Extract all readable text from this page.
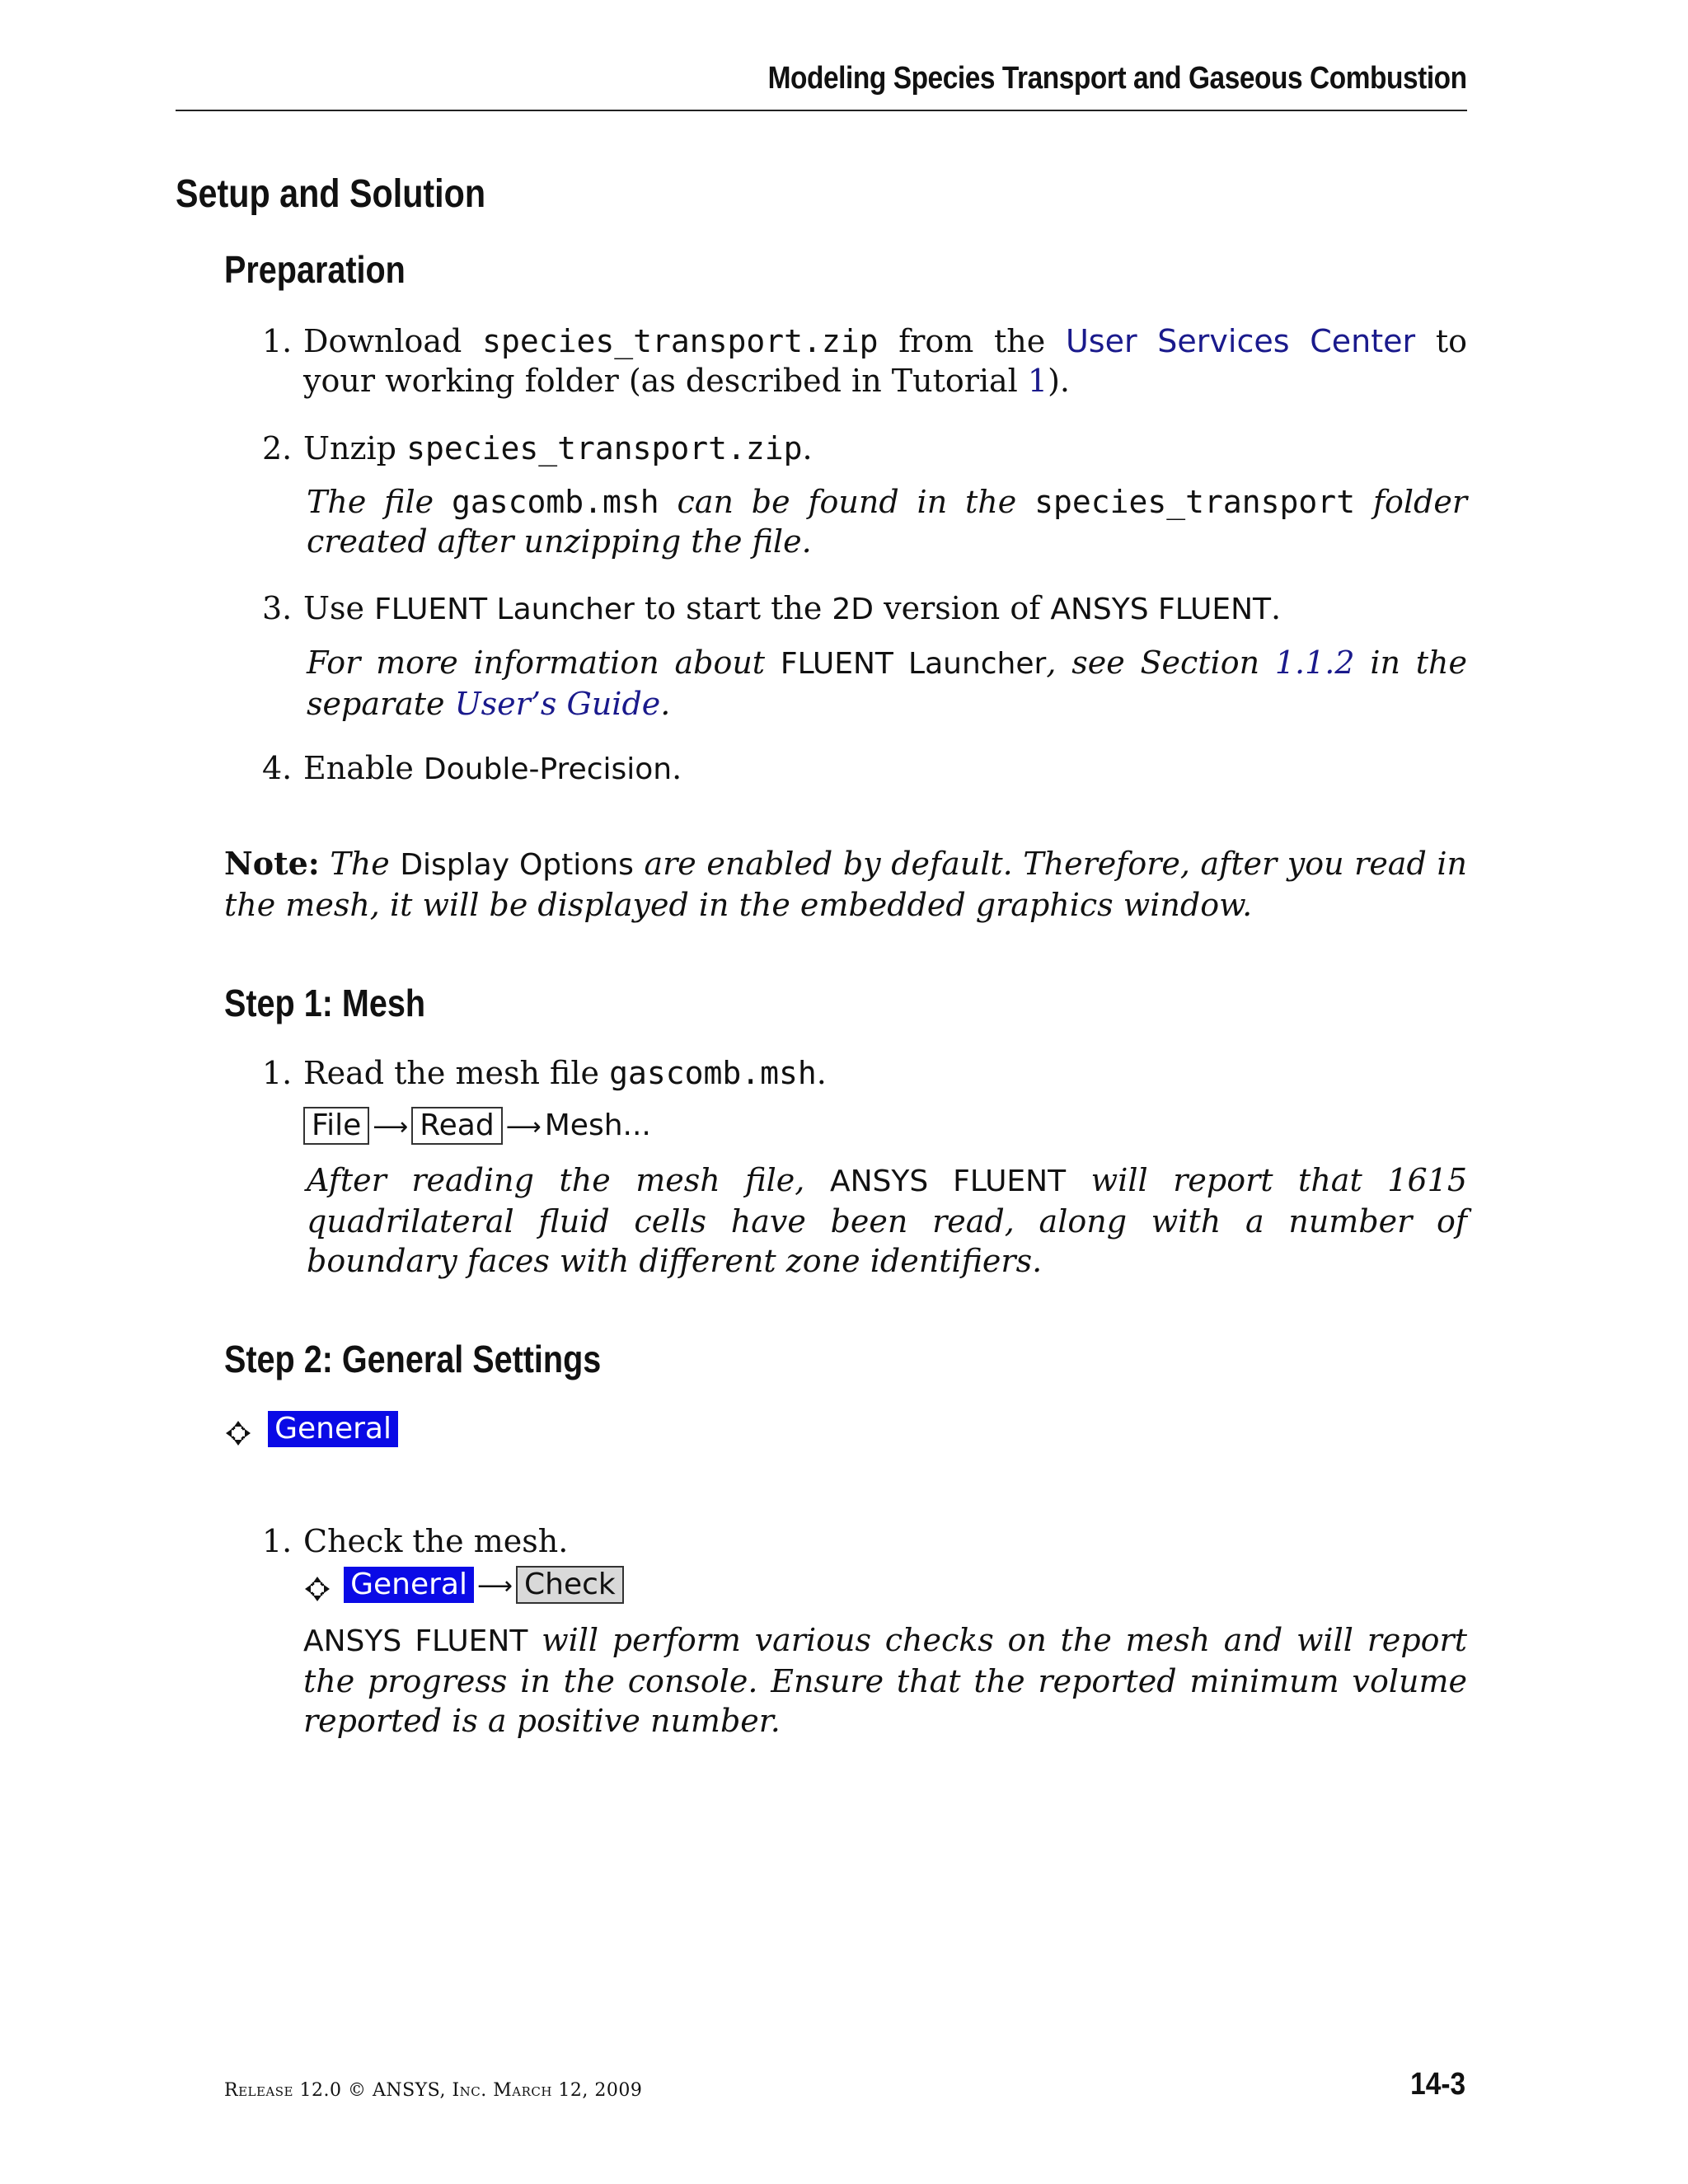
Modeling Species Transport and Gaseous Combustion
Setup and Solution
Preparation
1. Download species_transport.zip from the User Services Center to your working folder (as described in Tutorial 1).
2. Unzip species_transport.zip.
The file gascomb.msh can be found in the species_transport folder created after unzipping the file.
3. Use FLUENT Launcher to start the 2D version of ANSYS FLUENT.
For more information about FLUENT Launcher, see Section 1.1.2 in the separate User’s Guide.
4. Enable Double-Precision.
Note: The Display Options are enabled by default. Therefore, after you read in the mesh, it will be displayed in the embedded graphics window.
Step 1: Mesh
1. Read the mesh file gascomb.msh.
File ⟶ Read ⟶ Mesh...
After reading the mesh file, ANSYS FLUENT will report that 1615 quadrilateral fluid cells have been read, along with a number of boundary faces with different zone identifiers.
Step 2: General Settings
General
1. Check the mesh.
General ⟶ Check
ANSYS FLUENT will perform various checks on the mesh and will report the progress in the console. Ensure that the reported minimum volume reported is a positive number.
Release 12.0 © ANSYS, Inc. March 12, 2009	14-3
